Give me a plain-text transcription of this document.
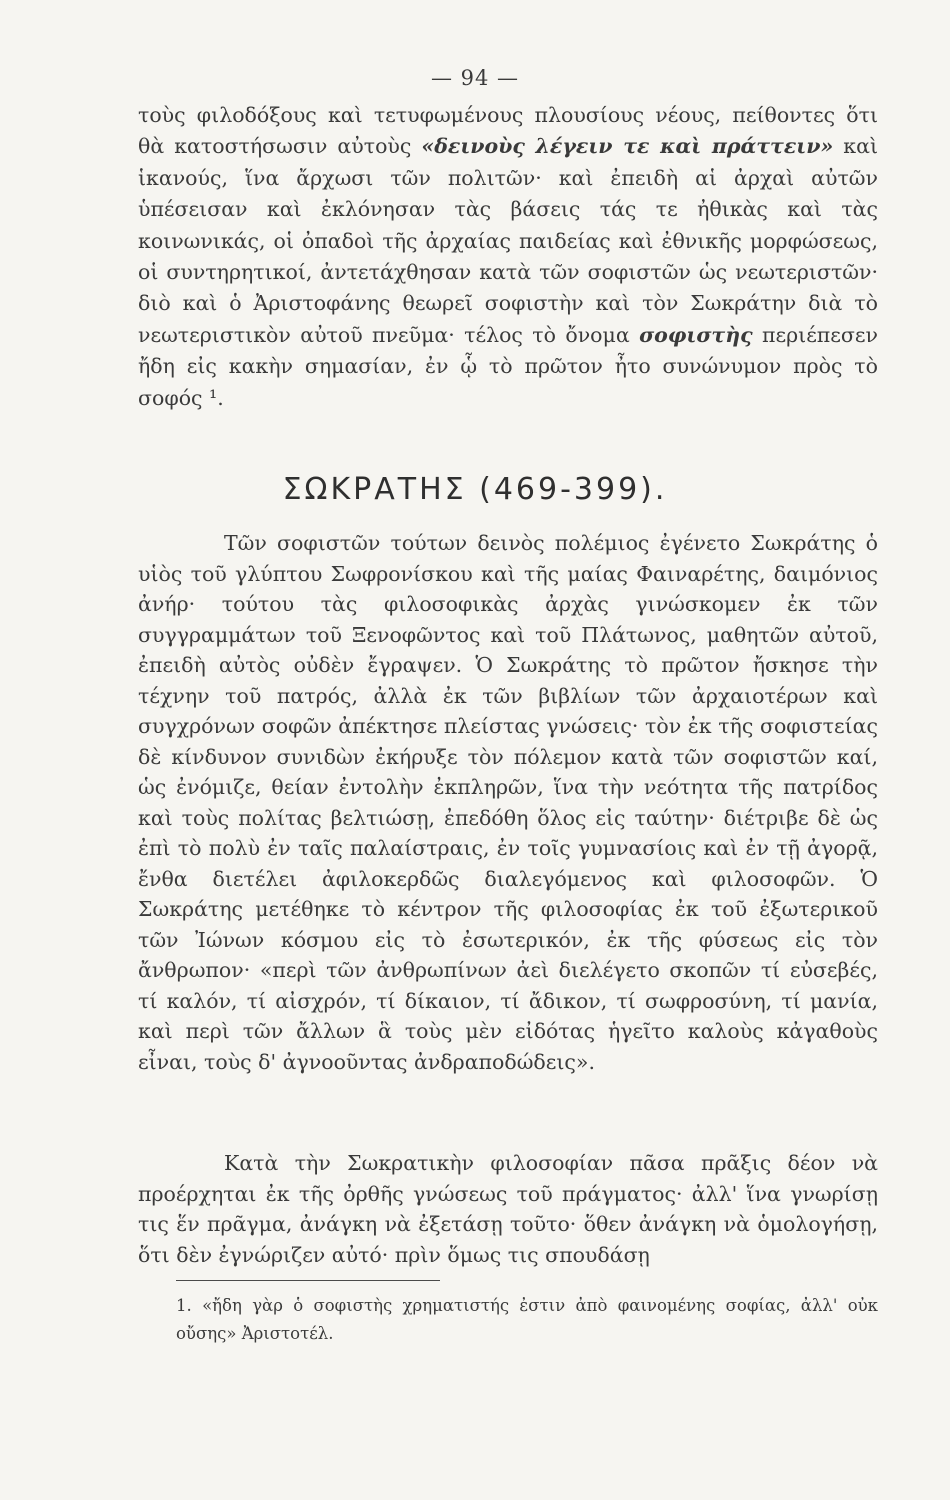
— 94 —

τοὺς φιλοδόξους καὶ τετυφωμένους πλουσίους νέους, πείθοντες ὅτι θὰ κατοστήσωσιν αὐτοὺς «δεινοὺς λέγειν τε καὶ πράττειν» καὶ ἱκανούς, ἵνα ἄρχωσι τῶν πολιτῶν· καὶ ἐπειδὴ αἱ ἀρχαὶ αὐτῶν ὑπέσεισαν καὶ ἐκλόνησαν τὰς βάσεις τάς τε ἠθικὰς καὶ τὰς κοινωνικάς, οἱ ὀπαδοὶ τῆς ἀρχαίας παιδείας καὶ ἐθνικῆς μορφώσεως, οἱ συντηρητικοί, ἀντετάχθησαν κατὰ τῶν σοφιστῶν ὡς νεωτεριστῶν· διὸ καὶ ὁ Ἀριστοφάνης θεωρεῖ σοφιστὴν καὶ τὸν Σωκράτην διὰ τὸ νεωτεριστικὸν αὐτοῦ πνεῦμα· τέλος τὸ ὄνομα σοφιστὴς περιέπεσεν ἤδη εἰς κακὴν σημασίαν, ἐν ᾧ τὸ πρῶτον ἦτο συνώνυμον πρὸς τὸ σοφός ¹.

ΣΩΚΡΑΤΗΣ (469-399).

Τῶν σοφιστῶν τούτων δεινὸς πολέμιος ἐγένετο Σωκράτης ὁ υἱὸς τοῦ γλύπτου Σωφρονίσκου καὶ τῆς μαίας Φαιναρέτης, δαιμόνιος ἀνήρ· τούτου τὰς φιλοσοφικὰς ἀρχὰς γινώσκομεν ἐκ τῶν συγγραμμάτων τοῦ Ξενοφῶντος καὶ τοῦ Πλάτωνος, μαθητῶν αὐτοῦ, ἐπειδὴ αὐτὸς οὐδὲν ἔγραψεν. Ὁ Σωκράτης τὸ πρῶτον ἤσκησε τὴν τέχνην τοῦ πατρός, ἀλλὰ ἐκ τῶν βιβλίων τῶν ἀρχαιοτέρων καὶ συγχρόνων σοφῶν ἀπέκτησε πλείστας γνώσεις· τὸν ἐκ τῆς σοφιστείας δὲ κίνδυνον συνιδὼν ἐκήρυξε τὸν πόλεμον κατὰ τῶν σοφιστῶν καί, ὡς ἐνόμιζε, θείαν ἐντολὴν ἐκπληρῶν, ἵνα τὴν νεότητα τῆς πατρίδος καὶ τοὺς πολίτας βελτιώσῃ, ἐπεδόθη ὅλος εἰς ταύτην· διέτριβε δὲ ὡς ἐπὶ τὸ πολὺ ἐν ταῖς παλαίστραις, ἐν τοῖς γυμνασίοις καὶ ἐν τῇ ἀγορᾷ, ἔνθα διετέλει ἀφιλοκερδῶς διαλεγόμενος καὶ φιλοσοφῶν. Ὁ Σωκράτης μετέθηκε τὸ κέντρον τῆς φιλοσοφίας ἐκ τοῦ ἐξωτερικοῦ τῶν Ἰώνων κόσμου εἰς τὸ ἐσωτερικόν, ἐκ τῆς φύσεως εἰς τὸν ἄνθρωπον· «περὶ τῶν ἀνθρωπίνων ἀεὶ διελέγετο σκοπῶν τί εὐσεβές, τί καλόν, τί αἰσχρόν, τί δίκαιον, τί ἄδικον, τί σωφροσύνη, τί μανία, καὶ περὶ τῶν ἄλλων ἃ τοὺς μὲν εἰδότας ἡγεῖτο καλοὺς κἀγαθοὺς εἶναι, τοὺς δ' ἀγνοοῦντας ἀνδραποδώδεις».

Κατὰ τὴν Σωκρατικὴν φιλοσοφίαν πᾶσα πρᾶξις δέον νὰ προέρχηται ἐκ τῆς ὀρθῆς γνώσεως τοῦ πράγματος· ἀλλ' ἵνα γνωρίσῃ τις ἕν πρᾶγμα, ἀνάγκη νὰ ἐξετάσῃ τοῦτο· ὅθεν ἀνάγκη νὰ ὁμολογήσῃ, ὅτι δὲν ἐγνώριζεν αὐτό· πρὶν ὅμως τις σπουδάσῃ

1. «ἤδη γὰρ ὁ σοφιστὴς χρηματιστής ἐστιν ἀπὸ φαινομένης σοφίας, ἀλλ' οὐκ οὔσης» Ἀριστοτέλ.
